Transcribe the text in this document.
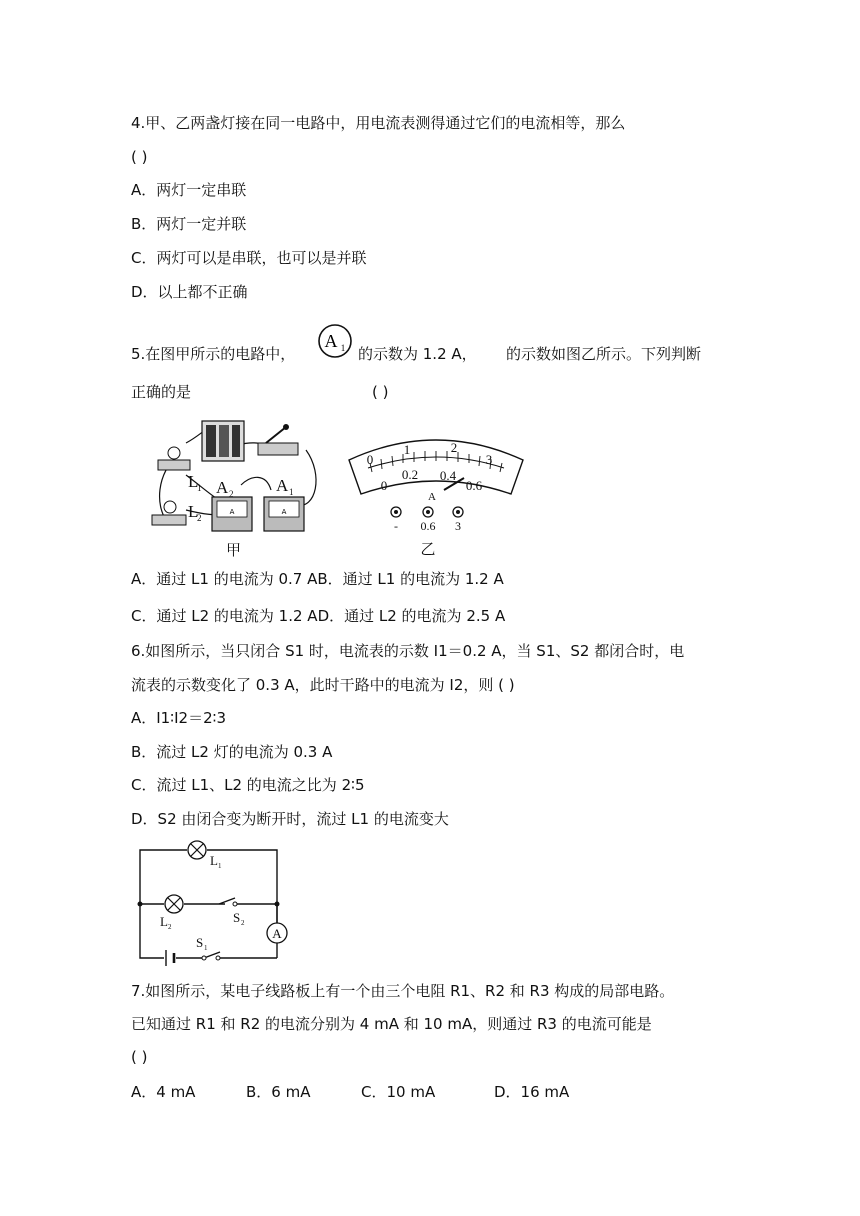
4.甲、乙两盏灯接在同一电路中，用电流表测得通过它们的电流相等，那么
( )
A．两灯一定串联
B．两灯一定并联
C．两灯可以是串联，也可以是并联
D．以上都不正确
5.在图甲所示的电路中，
A 1 的示数为 1.2 A， 的示数如图乙所示。下列判断
正确的是	( )
A	A
L
1
L
2
A 2	A 1
甲
0
1	2
3
0
0.2 0.4
0.6
A
- 0.6 3
乙
A．通过 L1 的电流为 0.7 AB．通过 L1 的电流为 1.2 A
C．通过 L2 的电流为 1.2 AD．通过 L2 的电流为 2.5 A
6.如图所示，当只闭合 S1 时，电流表的示数 I1＝0.2 A，当 S1、S2 都闭合时，电
流表的示数变化了 0.3 A，此时干路中的电流为 I2，则 ( )
A．I1∶I2＝2∶3
B．流过 L2 灯的电流为 0.3 A
C．流过 L1、L2 的电流之比为 2∶5
D．S2 由闭合变为断开时，流过 L1 的电流变大
A
L 1
L 2
S 2
S 1
7.如图所示，某电子线路板上有一个由三个电阻 R1、R2 和 R3 构成的局部电路。
已知通过 R1 和 R2 的电流分别为 4 mA 和 10 mA，则通过 R3 的电流可能是
( )
A．4 mA	B．6 mA	C．10 mA	D．16 mA
